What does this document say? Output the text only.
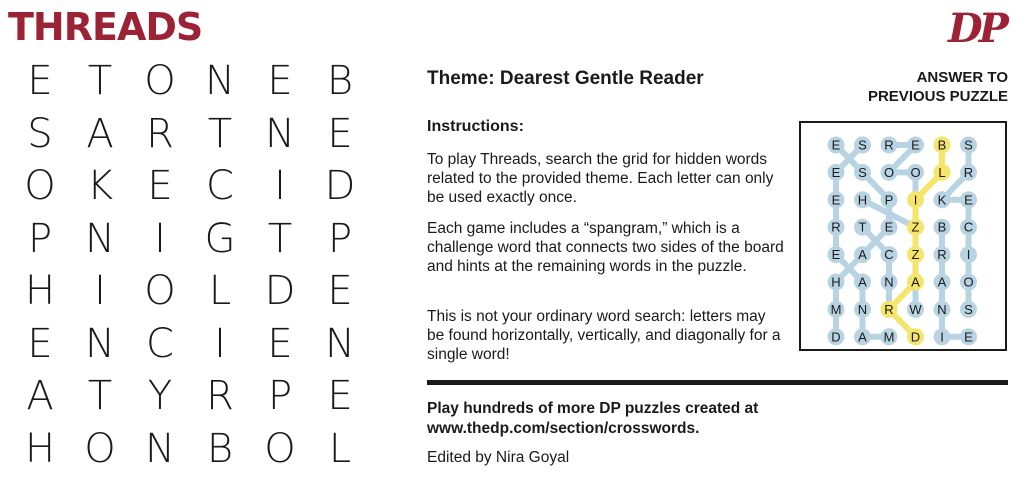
THREADS	DP
E T O N E B
S A R T N E
O K E C	I D
P N I G T P
H I O L D E
E N C	I	E N
A T Y R P E
H O N B O L
Theme: Dearest Gentle Reader	ANSWER TO
PREVIOUS PUZZLE
Instructions:
To play Threads, search the grid for hidden words related to the provided theme. Each letter can only be used exactly once.
Each game includes a “spangram,” which is a challenge word that connects two sides of the board and hints at the remaining words in the puzzle.
This is not your ordinary word search: letters may be found horizontally, vertically, and diagonally for a single word!
E S R E B S
E S O O L R
E H P I K E
R T E Z B C
E A C Z R I
H A N A A O
M N R W N S
D A M D I E
Play hundreds of more DP puzzles created at
www.thedp.com/section/crosswords.
Edited by Nira Goyal
